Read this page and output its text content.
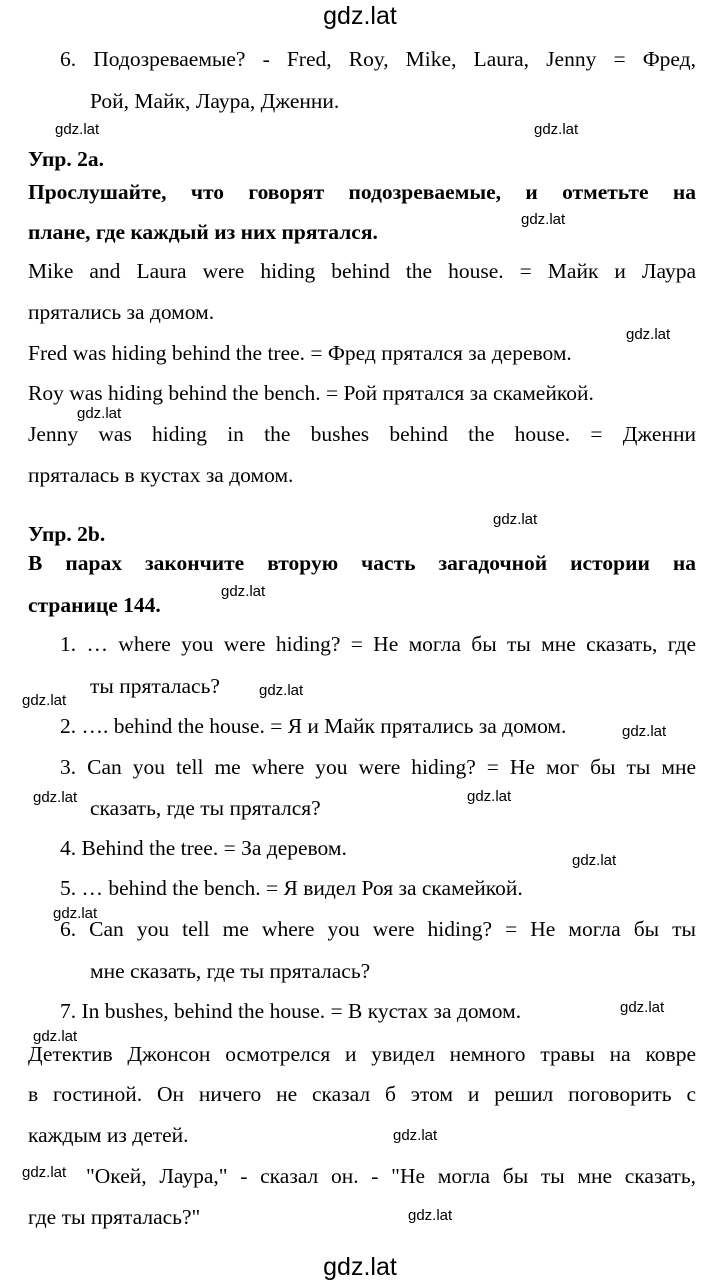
gdz.lat
gdz.lat
6. Подозреваемые? - Fred, Roy, Mike, Laura, Jenny = Фред,
Рой, Майк, Лаура, Дженни.
Упр. 2a.
Прослушайте, что говорят подозреваемые, и отметьте на
плане, где каждый из них прятался.
Mike and Laura were hiding behind the house. = Майк и Лаура
прятались за домом.
Fred was hiding behind the tree. = Фред прятался за деревом.
Roy was hiding behind the bench. = Рой прятался за скамейкой.
Jenny was hiding in the bushes behind the house. = Дженни
пряталась в кустах за домом.
Упр. 2b.
В парах закончите вторую часть загадочной истории на
странице 144.
1. … where you were hiding? = Не могла бы ты мне сказать, где
ты пряталась?
2. …. behind the house. = Я и Майк прятались за домом.
3. Can you tell me where you were hiding? = Не мог бы ты мне
сказать, где ты прятался?
4. Behind the tree. = За деревом.
5. … behind the bench. = Я видел Роя за скамейкой.
6. Can you tell me where you were hiding? = Не могла бы ты
мне сказать, где ты пряталась?
7. In bushes, behind the house. = В кустах за домом.
Детектив Джонсон осмотрелся и увидел немного травы на ковре
в гостиной. Он ничего не сказал б этом и решил поговорить с
каждым из детей.
"Окей, Лаура," - сказал он. - "Не могла бы ты мне сказать,
где ты пряталась?"
gdz.lat	gdz.lat
gdz.lat
gdz.lat
gdz.lat
gdz.lat
gdz.lat
gdz.lat
gdz.lat
gdz.lat
gdz.lat	gdz.lat
gdz.lat
gdz.lat
gdz.lat
gdz.lat
gdz.lat
gdz.lat
gdz.lat
